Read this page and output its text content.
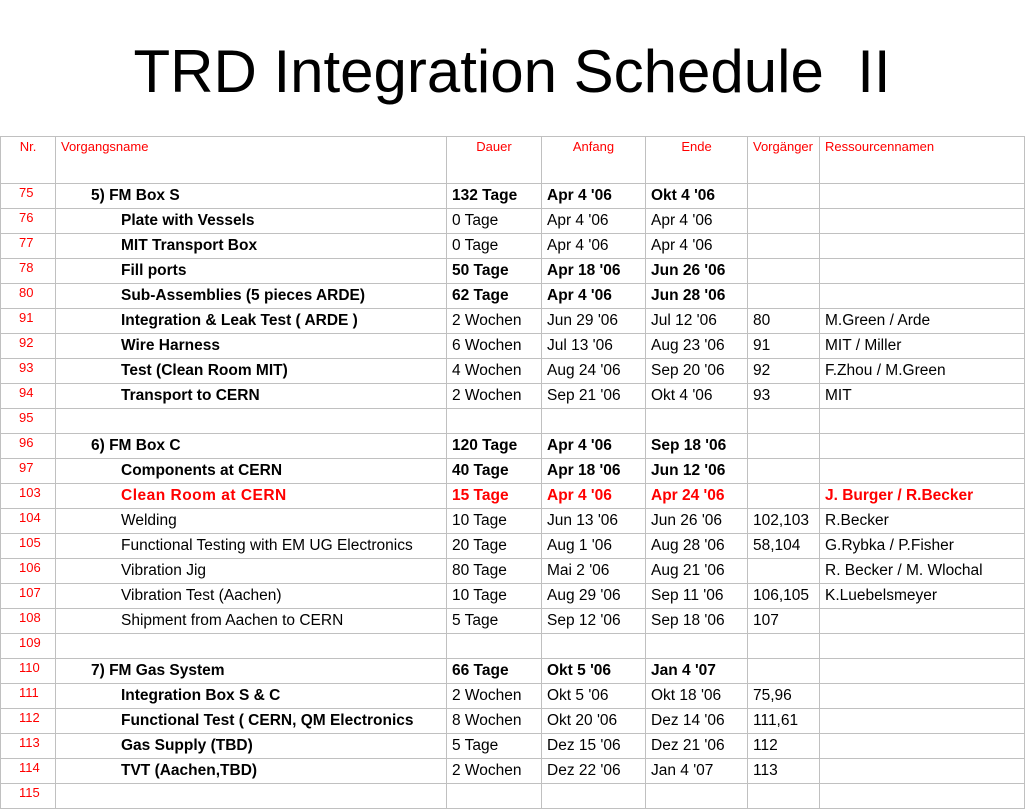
TRD Integration Schedule  II
Nr.	Vorgangsname	Dauer	Anfang	Ende	Vorgänger	Ressourcennamen
75	5) FM Box S	132 Tage	Apr 4 '06	Okt 4 '06		
76	Plate with Vessels	0 Tage	Apr 4 '06	Apr 4 '06		
77	MIT Transport Box	0 Tage	Apr 4 '06	Apr 4 '06		
78	Fill ports	50 Tage	Apr 18 '06	Jun 26 '06		
80	Sub-Assemblies (5 pieces ARDE)	62 Tage	Apr 4 '06	Jun 28 '06		
91	Integration & Leak Test ( ARDE )	2 Wochen	Jun 29 '06	Jul 12 '06	80	M.Green / Arde
92	Wire Harness	6 Wochen	Jul 13 '06	Aug 23 '06	91	MIT / Miller
93	Test (Clean Room MIT)	4 Wochen	Aug 24 '06	Sep 20 '06	92	F.Zhou / M.Green
94	Transport to CERN	2 Wochen	Sep 21 '06	Okt 4 '06	93	MIT
95						
96	6) FM Box C	120 Tage	Apr 4 '06	Sep 18 '06		
97	Components at CERN	40 Tage	Apr 18 '06	Jun 12 '06		
103	Clean Room at CERN	15 Tage	Apr 4 '06	Apr 24 '06		J. Burger / R.Becker
104	Welding	10 Tage	Jun 13 '06	Jun 26 '06	102,103	R.Becker
105	Functional Testing with EM UG Electronics	20 Tage	Aug 1 '06	Aug 28 '06	58,104	G.Rybka / P.Fisher
106	Vibration Jig	80 Tage	Mai 2 '06	Aug 21 '06		R. Becker / M. Wlochal
107	Vibration Test (Aachen)	10 Tage	Aug 29 '06	Sep 11 '06	106,105	K.Luebelsmeyer
108	Shipment from Aachen to CERN	5 Tage	Sep 12 '06	Sep 18 '06	107	
109						
110	7) FM Gas System	66 Tage	Okt 5 '06	Jan 4 '07		
111	Integration Box S & C	2 Wochen	Okt 5 '06	Okt 18 '06	75,96	
112	Functional Test ( CERN, QM Electronics	8 Wochen	Okt 20 '06	Dez 14 '06	111,61	
113	Gas Supply (TBD)	5 Tage	Dez 15 '06	Dez 21 '06	112	
114	TVT (Aachen,TBD)	2 Wochen	Dez 22 '06	Jan 4 '07	113	
115						
